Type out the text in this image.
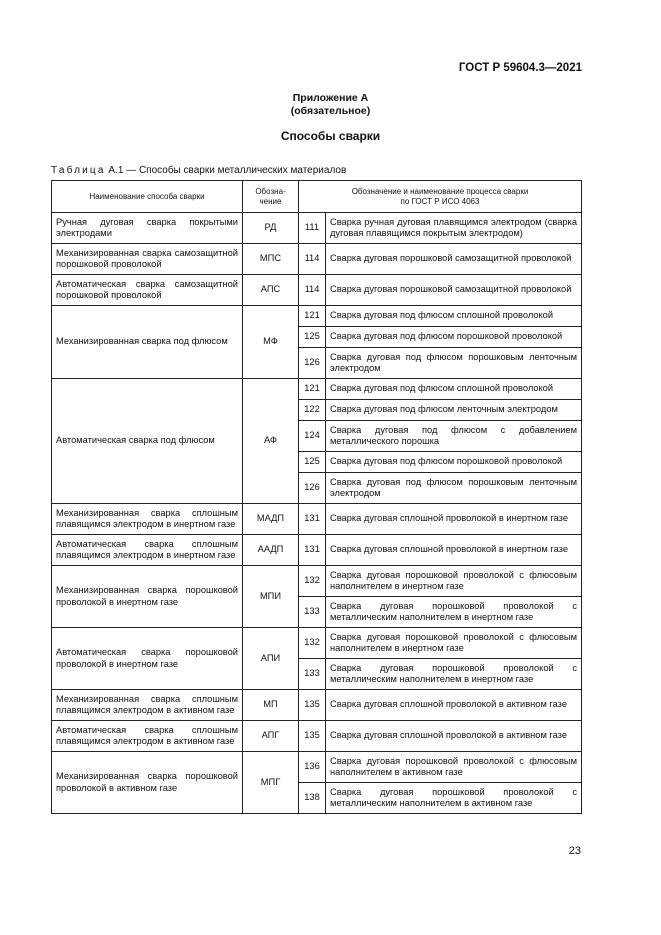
ГОСТ Р 59604.3—2021
Приложение А
(обязательное)
Способы сварки
Таблица А.1 — Способы сварки металлических материалов
Наименование способа сварки	Обозна-чение	Обозначение и наименование процесса сварки
по ГОСТ Р ИСО 4063	
Ручная дуговая сварка покрытыми электродами	РД	111	Сварка ручная дуговая плавящимся электродом (сварка дуговая плавящимся покрытым электродом)
Механизированная сварка самозащитной порошковой проволокой	МПС	114	Сварка дуговая порошковой самозащитной проволокой
Автоматическая сварка самозащитной порошковой проволокой	АПС	114	Сварка дуговая порошковой самозащитной проволокой
Механизированная сварка под флюсом	МФ	121	Сварка дуговая под флюсом сплошной проволокой
		125	Сварка дуговая под флюсом порошковой проволокой
		126	Сварка дуговая под флюсом порошковым ленточным электродом
Автоматическая сварка под флюсом	АФ	121	Сварка дуговая под флюсом сплошной проволокой
		122	Сварка дуговая под флюсом ленточным электродом
		124	Сварка дуговая под флюсом с добавлением металлического порошка
		125	Сварка дуговая под флюсом порошковой проволокой
		126	Сварка дуговая под флюсом порошковым ленточным электродом
Механизированная сварка сплошным плавящимся электродом в инертном газе	МАДП	131	Сварка дуговая сплошной проволокой в инертном газе
Автоматическая сварка сплошным плавящимся электродом в инертном газе	ААДП	131	Сварка дуговая сплошной проволокой в инертном газе
Механизированная сварка порошковой проволокой в инертном газе	МПИ	132	Сварка дуговая порошковой проволокой с флюсовым наполнителем в инертном газе
		133	Сварка дуговая порошковой проволокой с металлическим наполнителем в инертном газе
Автоматическая сварка порошковой проволокой в инертном газе	АПИ	132	Сварка дуговая порошковой проволокой с флюсовым наполнителем в инертном газе
		133	Сварка дуговая порошковой проволокой с металлическим наполнителем в инертном газе
Механизированная сварка сплошным плавящимся электродом в активном газе	МП	135	Сварка дуговая сплошной проволокой в активном газе
Автоматическая сварка сплошным плавящимся электродом в активном газе	АПГ	135	Сварка дуговая сплошной проволокой в активном газе
Механизированная сварка порошковой проволокой в активном газе	МПГ	136	Сварка дуговая порошковой проволокой с флюсовым наполнителем в активном газе
		138	Сварка дуговая порошковой проволокой с металлическим наполнителем в активном газе
23
